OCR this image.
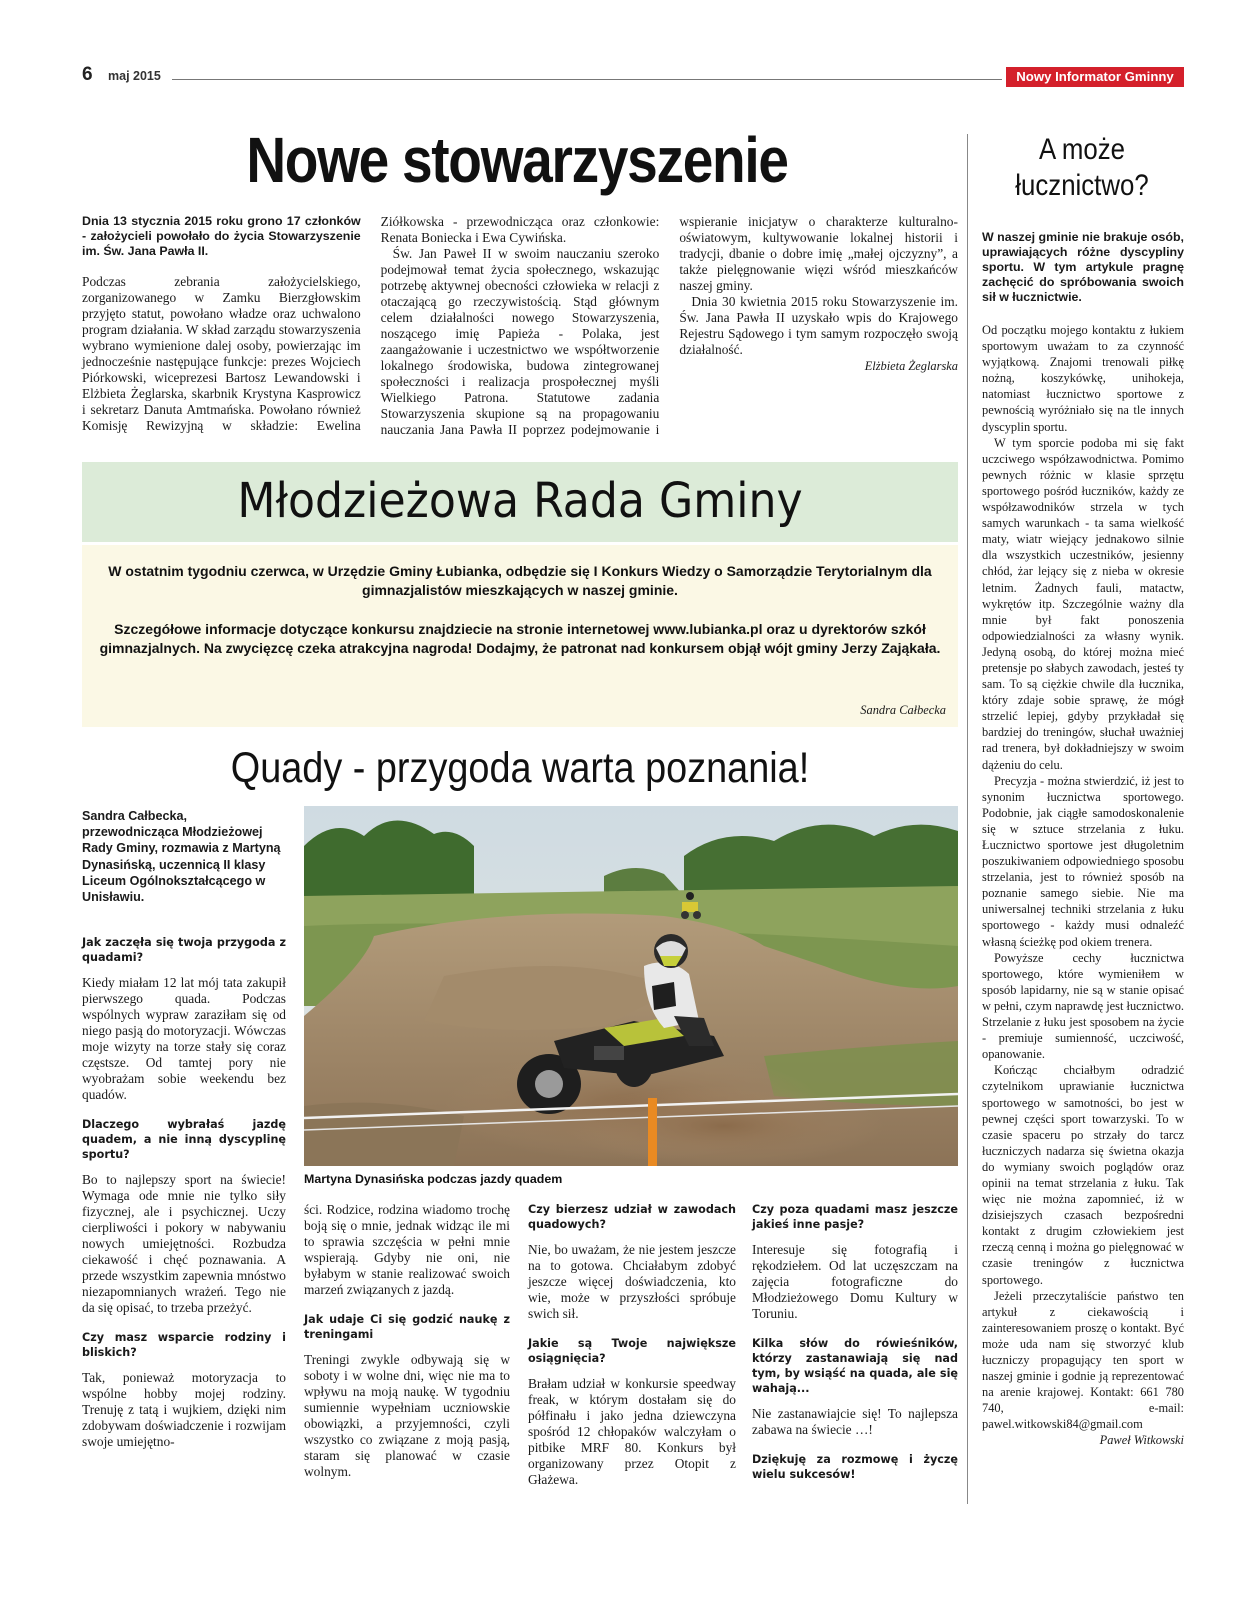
6 maj 2015	Nowy Informator Gminny
Nowe stowarzyszenie
Dnia 13 stycznia 2015 roku grono 17 członków - założycieli powołało do życia Stowarzyszenie im. Św. Jana Pawła II.

Podczas zebrania założycielskiego, zorganizowanego w Zamku Bierzgłowskim przyjęto statut, powołano władze oraz uchwalono program działania. W skład zarządu stowarzyszenia wybrano wymienione dalej osoby, powierzając im jednocześnie następujące funkcje: prezes Wojciech Piórkowski, wiceprezesi Bartosz Lewandowski i Elżbieta Żeglarska, skarbnik Krystyna Kasprowicz i sekretarz Danuta Amtmańska. Powołano również Komisję Rewizyjną w składzie: Ewelina Ziółkowska - przewodnicząca oraz członkowie: Renata Boniecka i Ewa Cywińska.

Św. Jan Paweł II w swoim nauczaniu szeroko podejmował temat życia społecznego, wskazując potrzebę aktywnej obecności człowieka w relacji z otaczającą go rzeczywistością. Stąd głównym celem działalności nowego Stowarzyszenia, noszącego imię Papieża - Polaka, jest zaangażowanie i uczestnictwo we współtworzenie lokalnego środowiska, budowa zintegrowanej społeczności i realizacja prospołecznej myśli Wielkiego Patrona. Statutowe zadania Stowarzyszenia skupione są na propagowaniu nauczania Jana Pawła II poprzez podejmowanie i wspieranie inicjatyw o charakterze kulturalno-oświatowym, kultywowanie lokalnej historii i tradycji, dbanie o dobre imię „małej ojczyzny”, a także pielęgnowanie więzi wśród mieszkańców naszej gminy.

Dnia 30 kwietnia 2015 roku Stowarzyszenie im. Św. Jana Pawła II uzyskało wpis do Krajowego Rejestru Sądowego i tym samym rozpoczęło swoją działalność.

Elżbieta Żeglarska
A może
łucznictwo?
W naszej gminie nie brakuje osób, uprawiających różne dyscypliny sportu. W tym artykule pragnę zachęcić do spróbowania swoich sił w łucznictwie.

Od początku mojego kontaktu z łukiem sportowym uważam to za czynność wyjątkową. Znajomi trenowali piłkę nożną, koszykówkę, unihokeja, natomiast łucznictwo sportowe z pewnością wyróżniało się na tle innych dyscyplin sportu.

W tym sporcie podoba mi się fakt uczciwego współzawodnictwa. Pomimo pewnych różnic w klasie sprzętu sportowego pośród łuczników, każdy ze współzawodników strzela w tych samych warunkach - ta sama wielkość maty, wiatr wiejący jednakowo silnie dla wszystkich uczestników, jesienny chłód, żar lejący się z nieba w okresie letnim. Żadnych fauli, matactw, wykrętów itp. Szczególnie ważny dla mnie był fakt ponoszenia odpowiedzialności za własny wynik. Jedyną osobą, do której można mieć pretensje po słabych zawodach, jesteś ty sam. To są ciężkie chwile dla łucznika, który zdaje sobie sprawę, że mógł strzelić lepiej, gdyby przykładał się bardziej do treningów, słuchał uważniej rad trenera, był dokładniejszy w swoim dążeniu do celu.

Precyzja - można stwierdzić, iż jest to synonim łucznictwa sportowego. Podobnie, jak ciągłe samodoskonalenie się w sztuce strzelania z łuku. Łucznictwo sportowe jest długoletnim poszukiwaniem odpowiedniego sposobu strzelania, jest to również sposób na poznanie samego siebie. Nie ma uniwersalnej techniki strzelania z łuku sportowego - każdy musi odnaleźć własną ścieżkę pod okiem trenera.

Powyższe cechy łucznictwa sportowego, które wymieniłem w sposób lapidarny, nie są w stanie opisać w pełni, czym naprawdę jest łucznictwo. Strzelanie z łuku jest sposobem na życie - premiuje sumienność, uczciwość, opanowanie.

Kończąc chciałbym odradzić czytelnikom uprawianie łucznictwa sportowego w samotności, bo jest w pewnej części sport towarzyski. To w czasie spaceru po strzały do tarcz łuczniczych nadarza się świetna okazja do wymiany swoich poglądów oraz opinii na temat strzelania z łuku. Tak więc nie można zapomnieć, iż w dzisiejszych czasach bezpośredni kontakt z drugim człowiekiem jest rzeczą cenną i można go pielęgnować w czasie treningów z łucznictwa sportowego.

Jeżeli przeczytaliście państwo ten artykuł z ciekawością i zainteresowaniem proszę o kontakt. Być może uda nam się stworzyć klub łuczniczy propagujący ten sport w naszej gminie i godnie ją reprezentować na arenie krajowej. Kontakt: 661 780 740, e-mail: pawel.witkowski84@gmail.com

Paweł Witkowski
Młodzieżowa Rada Gminy
W ostatnim tygodniu czerwca, w Urzędzie Gminy Łubianka, odbędzie się I Konkurs Wiedzy o Samorządzie Terytorialnym dla gimnazjalistów mieszkających w naszej gminie.
Szczegółowe informacje dotyczące konkursu znajdziecie na stronie internetowej www.lubianka.pl oraz u dyrektorów szkół gimnazjalnych. Na zwycięzcę czeka atrakcyjna nagroda! Dodajmy, że patronat nad konkursem objął wójt gminy Jerzy Zająkała.
Sandra Całbecka
Quady - przygoda warta poznania!
Sandra Całbecka, przewodnicząca Młodzieżowej Rady Gminy, rozmawia z Martyną Dynasińską, uczennicą II klasy Liceum Ogólnokształcącego w Unisławiu.
Martyna Dynasińska podczas jazdy quadem
Jak zaczęła się twoja przygoda z quadami?

Kiedy miałam 12 lat mój tata zakupił pierwszego quada. Podczas wspólnych wypraw zaraziłam się od niego pasją do motoryzacji. Wówczas moje wizyty na torze stały się coraz częstsze. Od tamtej pory nie wyobrażam sobie weekendu bez quadów.

Dlaczego wybrałaś jazdę quadem, a nie inną dyscyplinę sportu?

Bo to najlepszy sport na świecie! Wymaga ode mnie nie tylko siły fizycznej, ale i psychicznej. Uczy cierpliwości i pokory w nabywaniu nowych umiejętności. Rozbudza ciekawość i chęć poznawania. A przede wszystkim zapewnia mnóstwo niezapomnianych wrażeń. Tego nie da się opisać, to trzeba przeżyć.

Czy masz wsparcie rodziny i bliskich?

Tak, ponieważ motoryzacja to wspólne hobby mojej rodziny. Trenuję z tatą i wujkiem, dzięki nim zdobywam doświadczenie i rozwijam swoje umiejętno-

ści. Rodzice, rodzina wiadomo trochę boją się o mnie, jednak widząc ile mi to sprawia szczęścia w pełni mnie wspierają. Gdyby nie oni, nie byłabym w stanie realizować swoich marzeń związanych z jazdą.

Jak udaje Ci się godzić naukę z treningami

Treningi zwykle odbywają się w soboty i w wolne dni, więc nie ma to wpływu na moją naukę. W tygodniu sumiennie wypełniam uczniowskie obowiązki, a przyjemności, czyli wszystko co związane z moją pasją, staram się planować w czasie wolnym.

Czy bierzesz udział w zawodach quadowych?

Nie, bo uważam, że nie jestem jeszcze na to gotowa. Chciałabym zdobyć jeszcze więcej doświadczenia, kto wie, może w przyszłości spróbuje swich sił.

Jakie są Twoje największe osiągnięcia?

Brałam udział w konkursie speedway freak, w którym dostałam się do półfinału i jako jedna dziewczyna spośród 12 chłopaków walczyłam o pitbike MRF 80. Konkurs był organizowany przez Otopit z Głażewa.

Czy poza quadami masz jeszcze jakieś inne pasje?

Interesuje się fotografią i rękodziełem. Od lat uczęszczam na zajęcia fotograficzne do Młodzieżowego Domu Kultury w Toruniu.

Kilka słów do rówieśników, którzy zastanawiają się nad tym, by wsiąść na quada, ale się wahają...

Nie zastanawiajcie się! To najlepsza zabawa na świecie …!

Dziękuję za rozmowę i życzę wielu sukcesów!
